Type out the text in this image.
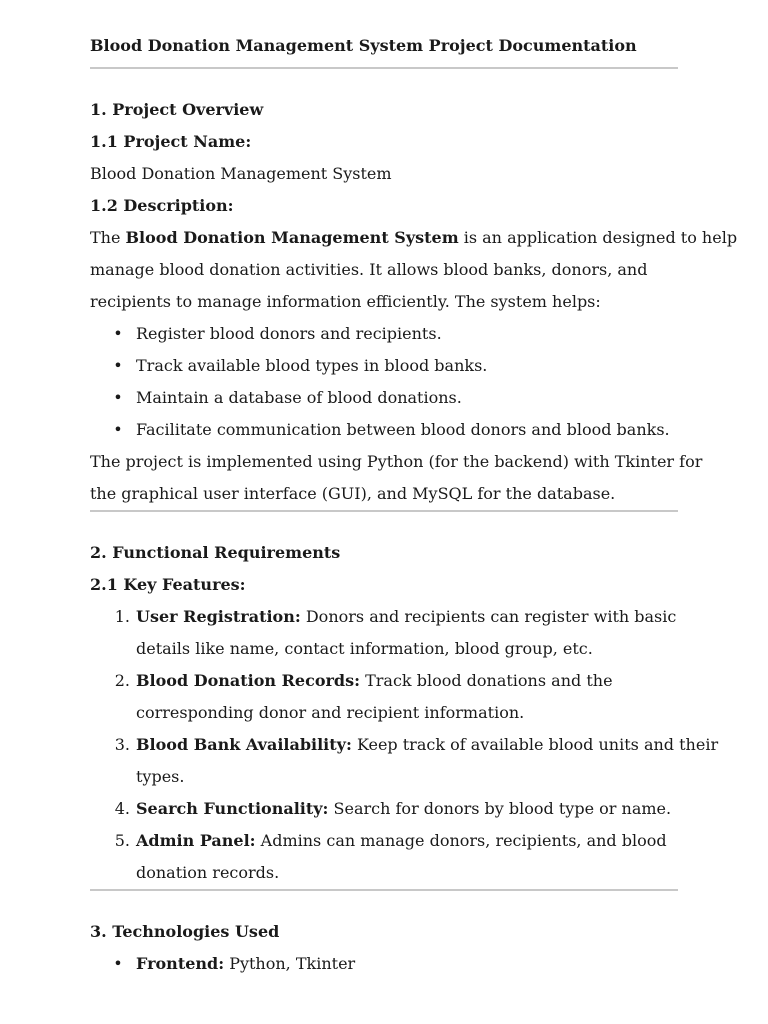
Blood Donation Management System Project Documentation
1. Project Overview
1.1 Project Name:
Blood Donation Management System
1.2 Description:
The Blood Donation Management System is an application designed to help
manage blood donation activities. It allows blood banks, donors, and
recipients to manage information efficiently. The system helps:
• Register blood donors and recipients.
• Track available blood types in blood banks.
• Maintain a database of blood donations.
• Facilitate communication between blood donors and blood banks.
The project is implemented using Python (for the backend) with Tkinter for
the graphical user interface (GUI), and MySQL for the database.
2. Functional Requirements
2.1 Key Features:
1. User Registration: Donors and recipients can register with basic
details like name, contact information, blood group, etc.
2. Blood Donation Records: Track blood donations and the
corresponding donor and recipient information.
3. Blood Bank Availability: Keep track of available blood units and their
types.
4. Search Functionality: Search for donors by blood type or name.
5. Admin Panel: Admins can manage donors, recipients, and blood
donation records.
3. Technologies Used
• Frontend: Python, Tkinter
